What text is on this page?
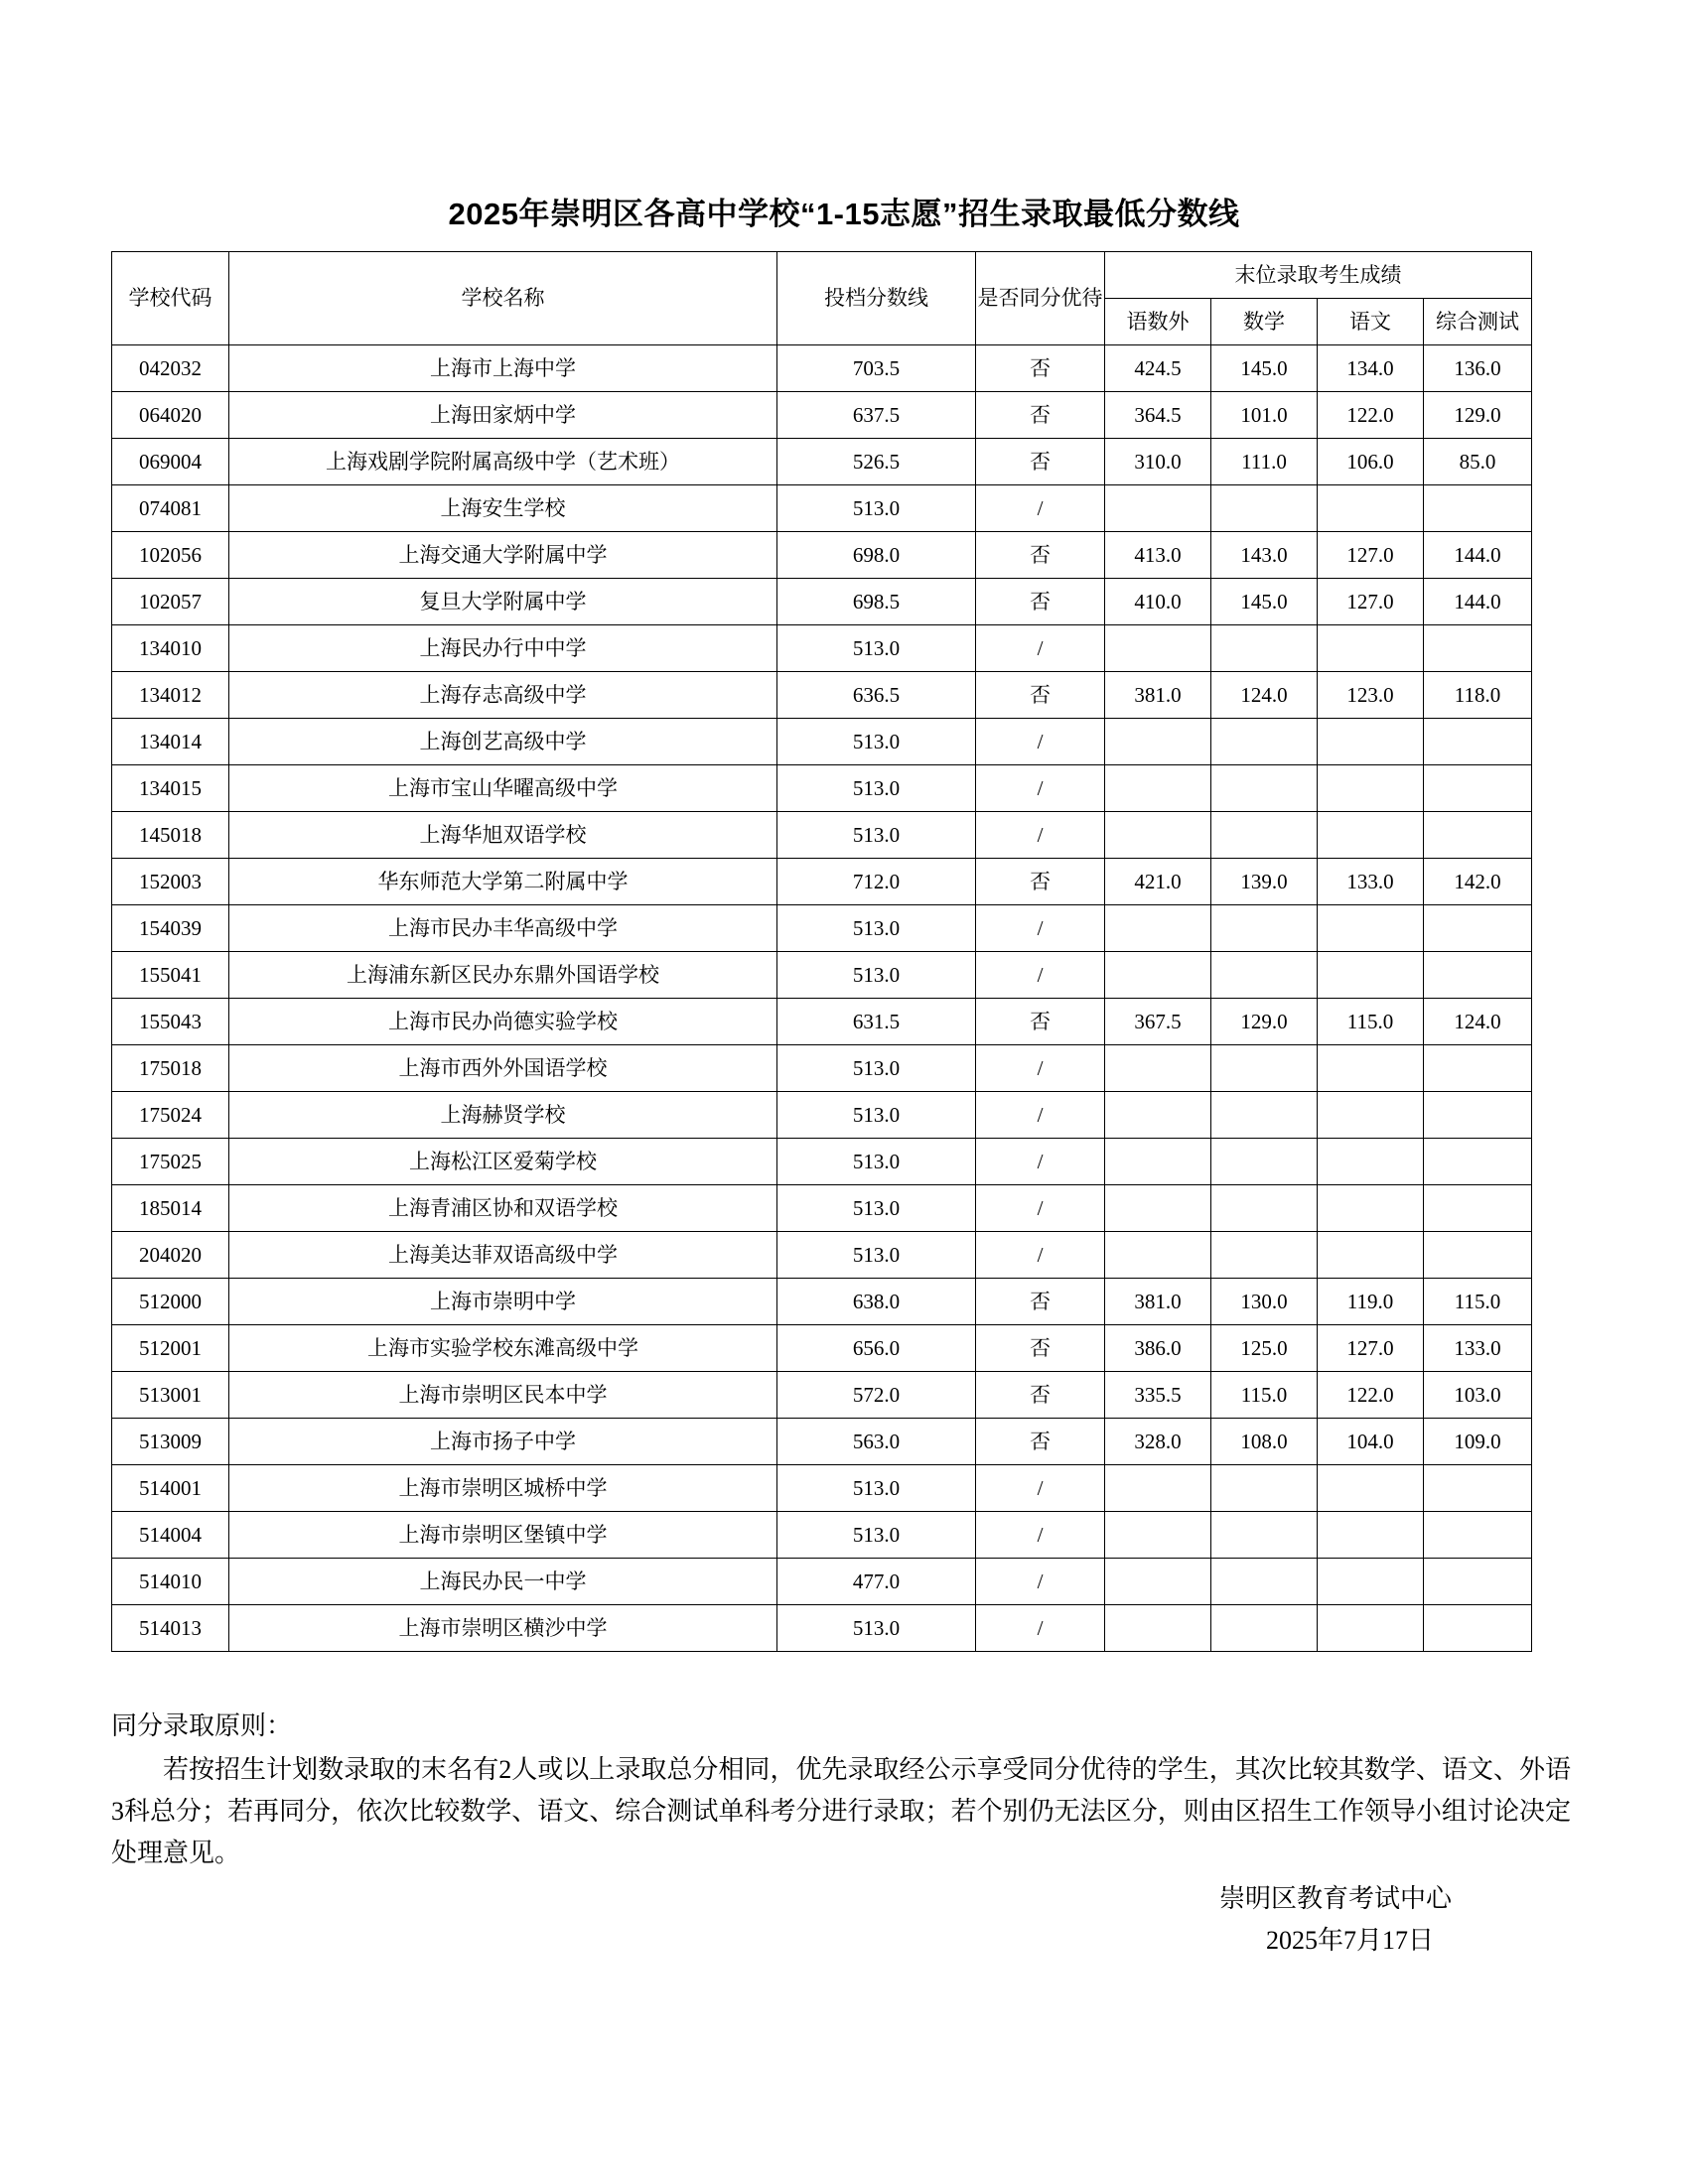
2025年崇明区各高中学校“1-15志愿”招生录取最低分数线
学校代码	学校名称	投档分数线	是否同分优待	末位录取考生成绩			
				语数外	数学	语文	综合测试
042032	上海市上海中学	703.5	否	424.5	145.0	134.0	136.0
064020	上海田家炳中学	637.5	否	364.5	101.0	122.0	129.0
069004	上海戏剧学院附属高级中学（艺术班）	526.5	否	310.0	111.0	106.0	85.0
074081	上海安生学校	513.0	/				
102056	上海交通大学附属中学	698.0	否	413.0	143.0	127.0	144.0
102057	复旦大学附属中学	698.5	否	410.0	145.0	127.0	144.0
134010	上海民办行中中学	513.0	/				
134012	上海存志高级中学	636.5	否	381.0	124.0	123.0	118.0
134014	上海创艺高级中学	513.0	/				
134015	上海市宝山华曜高级中学	513.0	/				
145018	上海华旭双语学校	513.0	/				
152003	华东师范大学第二附属中学	712.0	否	421.0	139.0	133.0	142.0
154039	上海市民办丰华高级中学	513.0	/				
155041	上海浦东新区民办东鼎外国语学校	513.0	/				
155043	上海市民办尚德实验学校	631.5	否	367.5	129.0	115.0	124.0
175018	上海市西外外国语学校	513.0	/				
175024	上海赫贤学校	513.0	/				
175025	上海松江区爱菊学校	513.0	/				
185014	上海青浦区协和双语学校	513.0	/				
204020	上海美达菲双语高级中学	513.0	/				
512000	上海市崇明中学	638.0	否	381.0	130.0	119.0	115.0
512001	上海市实验学校东滩高级中学	656.0	否	386.0	125.0	127.0	133.0
513001	上海市崇明区民本中学	572.0	否	335.5	115.0	122.0	103.0
513009	上海市扬子中学	563.0	否	328.0	108.0	104.0	109.0
514001	上海市崇明区城桥中学	513.0	/				
514004	上海市崇明区堡镇中学	513.0	/				
514010	上海民办民一中学	477.0	/				
514013	上海市崇明区横沙中学	513.0	/				

同分录取原则：

若按招生计划数录取的末名有2人或以上录取总分相同，优先录取经公示享受同分优待的学生，其次比较其数学、语文、外语3科总分；若再同分，依次比较数学、语文、综合测试单科考分进行录取；若个别仍无法区分，则由区招生工作领导小组讨论决定处理意见。

崇明区教育考试中心
2025年7月17日
